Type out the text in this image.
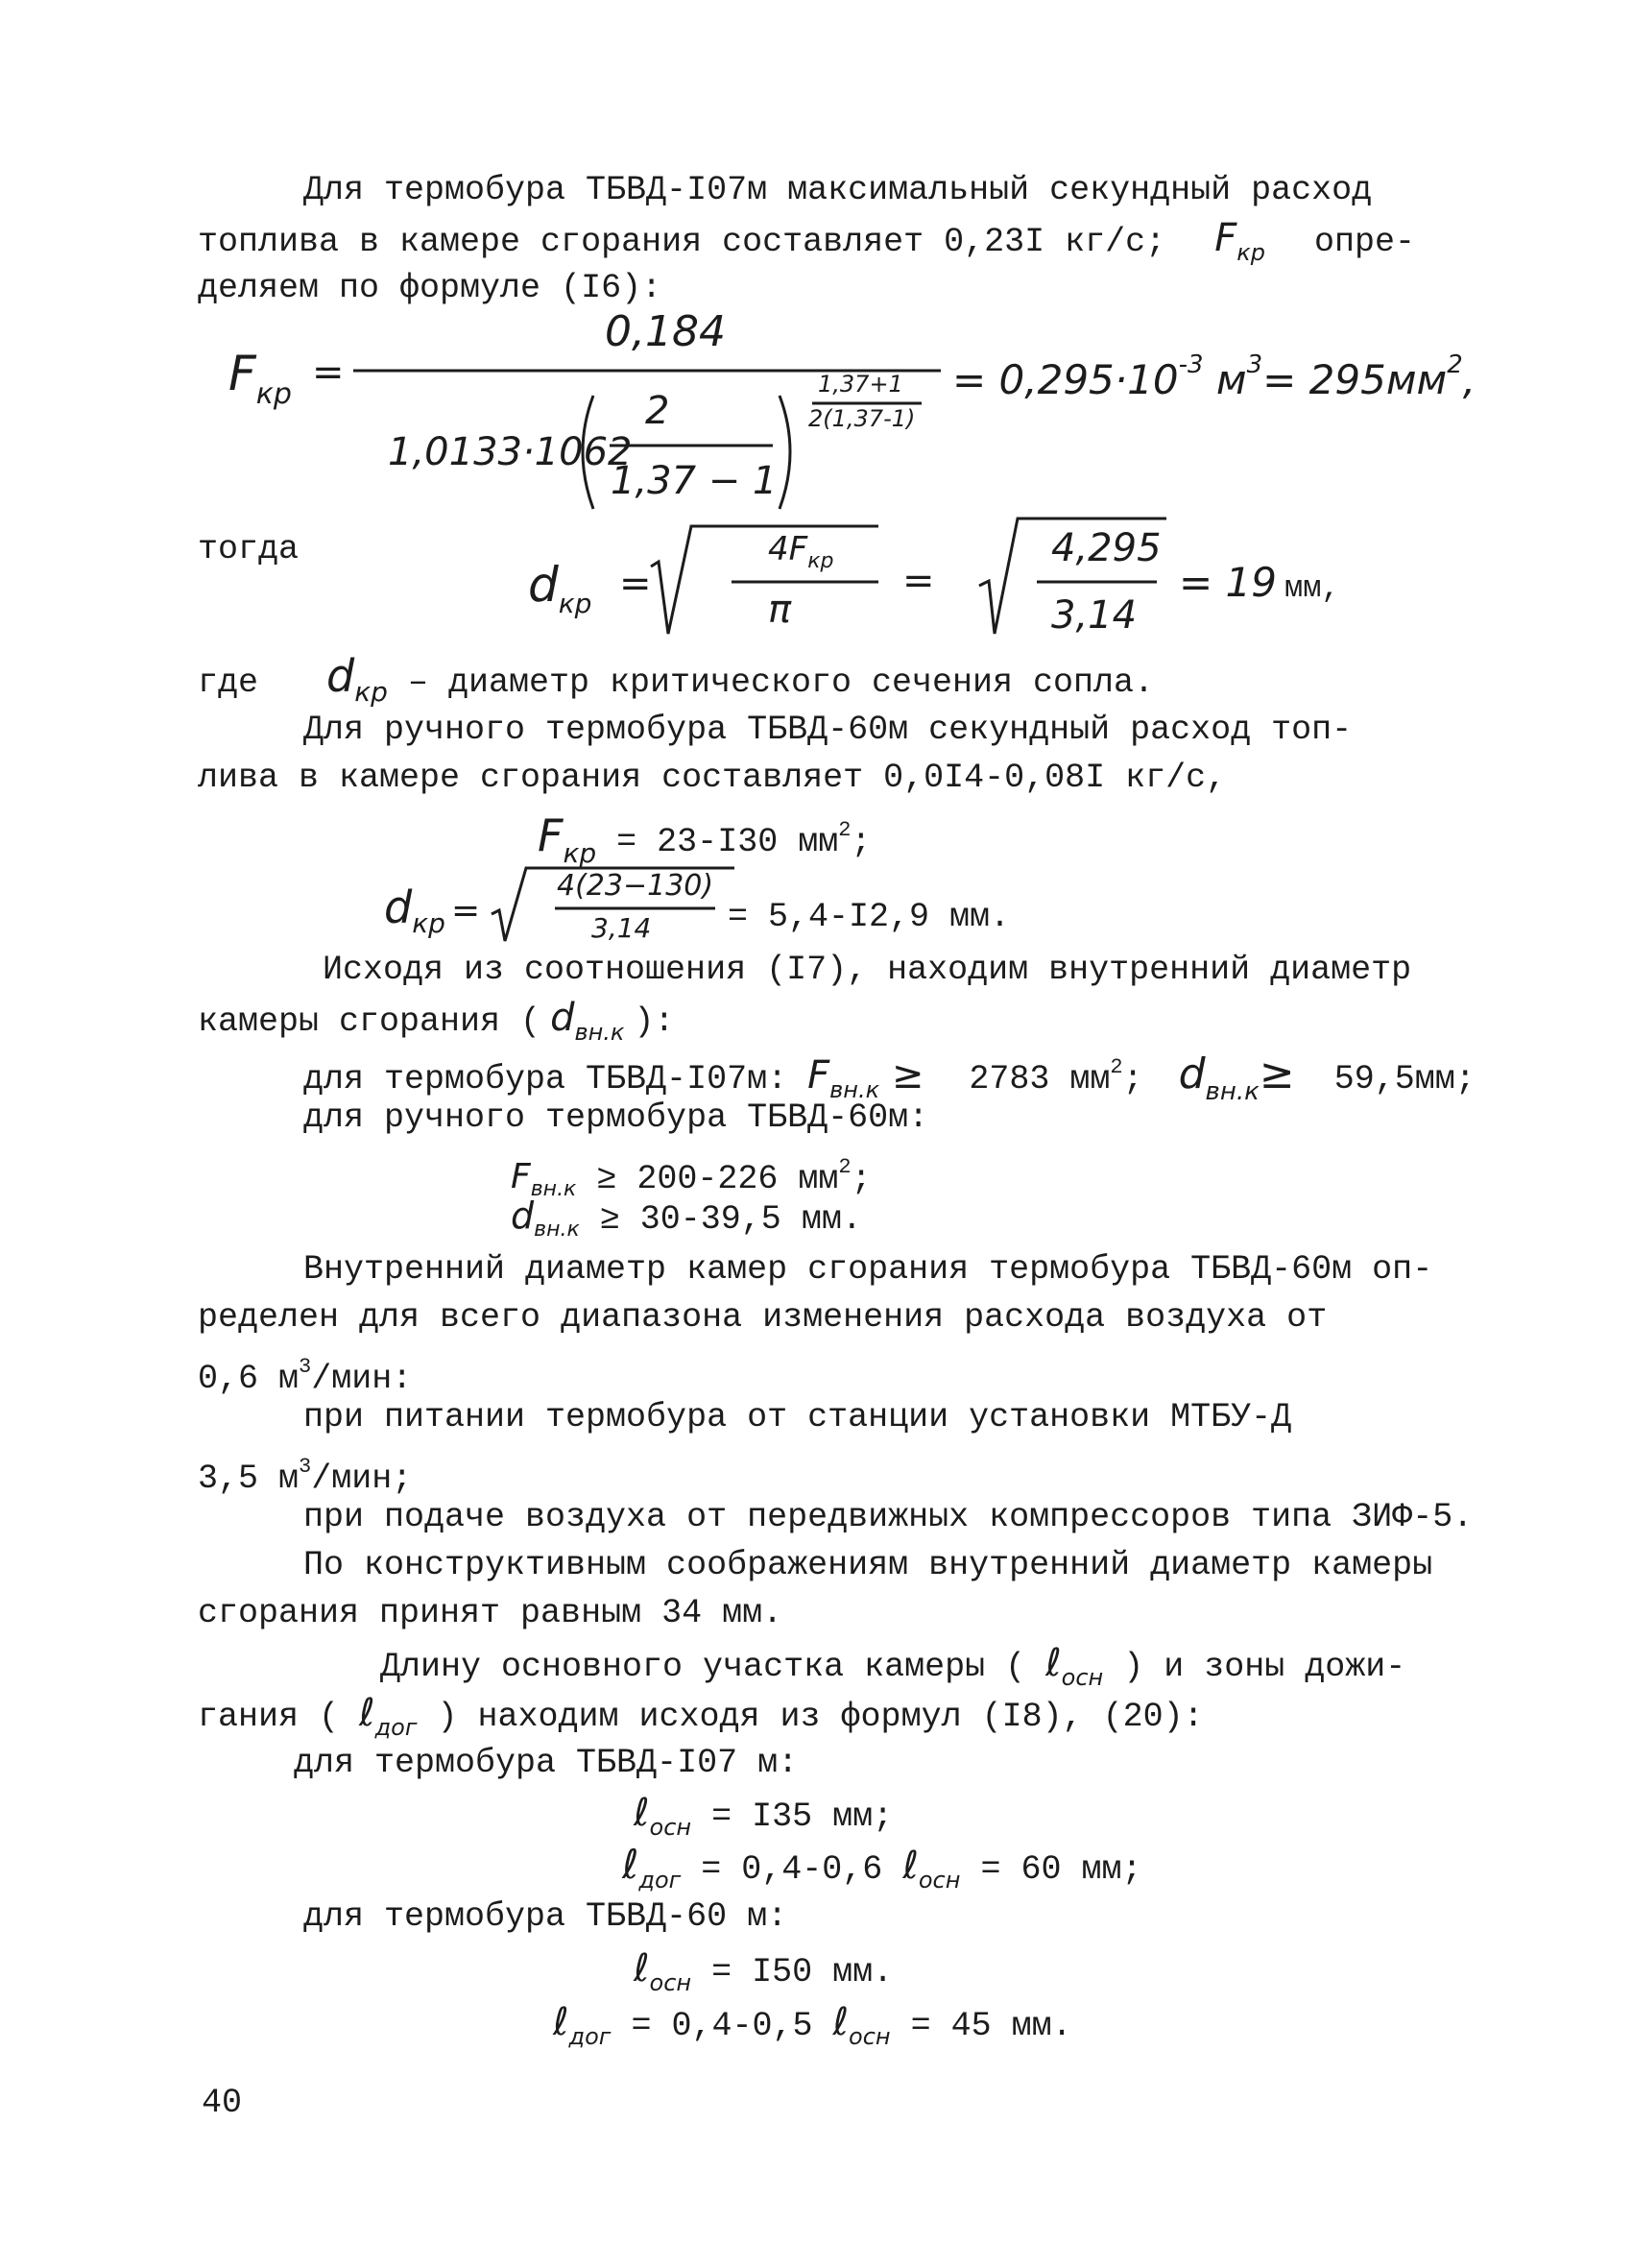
Для термобура ТБВД-I07м максимальный секундный расход
топлива в камере сгорания составляет 0,23I кг/с; $F_{кр}$ опре-
деляем по формуле (I6):
$F_{кр}$ =
0,184
1,0133·1062
2
1,37 − 1
1,37+1
2(1,37-1)
= $0,295\cdot 10^{-3}$ $м^3= 295мм^2$,
тогда
$d_{кр}$ =
$4F_{кр}$
π
=
4,295
3,14
= 19 мм,
где $d_{кр}$ – диаметр критического сечения сопла.
Для ручного термобура ТБВД-60м секундный расход топ-
лива в камере сгорания составляет 0,0I4-0,08I кг/с,
$F_{кр} = 23-I30$ $мм^2$;
$d_{кр}$ =
4(23−130)
3,14 = 5,4-I2,9 мм.
Исходя из соотношения (I7), находим внутренний диаметр
камеры сгорания ( $d_{вн.к}$ ):
для термобура ТБВД-I07м: $F_{вн.к} \ge 2783$ $мм^2$; $d_{вн.к}\ge 59,5мм$;
для ручного термобура ТБВД-60м:
$F_{вн.к} \ge 200-226$ $мм^2$;
$d_{вн.к} \ge 30-39,5$ мм.
Внутренний диаметр камер сгорания термобура ТБВД-60м оп-
ределен для всего диапазона изменения расхода воздуха от
0,6 $м^3$/мин:
при питании термобура от станции установки МТБУ-Д
3,5 $м^3$/мин;
при подаче воздуха от передвижных компрессоров типа ЗИФ-5.
По конструктивным соображениям внутренний диаметр камеры
сгорания принят равным 34 мм.
Длину основного участка камеры ( ℓ$_{осн}$ ) и зоны дожи-
гания ( ℓ$_{дог}$ ) находим исходя из формул (I8), (20):
для термобура ТБВД-I07 м:
ℓ$_{осн}$ = I35 мм;
ℓ$_{дог}$ = 0,4-0,6 ℓ$_{осн}$ = 60 мм;
для термобура ТБВД-60 м:
ℓ$_{осн}$ = I50 мм.
ℓ$_{дог}$ = 0,4-0,5 ℓ$_{осн}$ = 45 мм.
40
